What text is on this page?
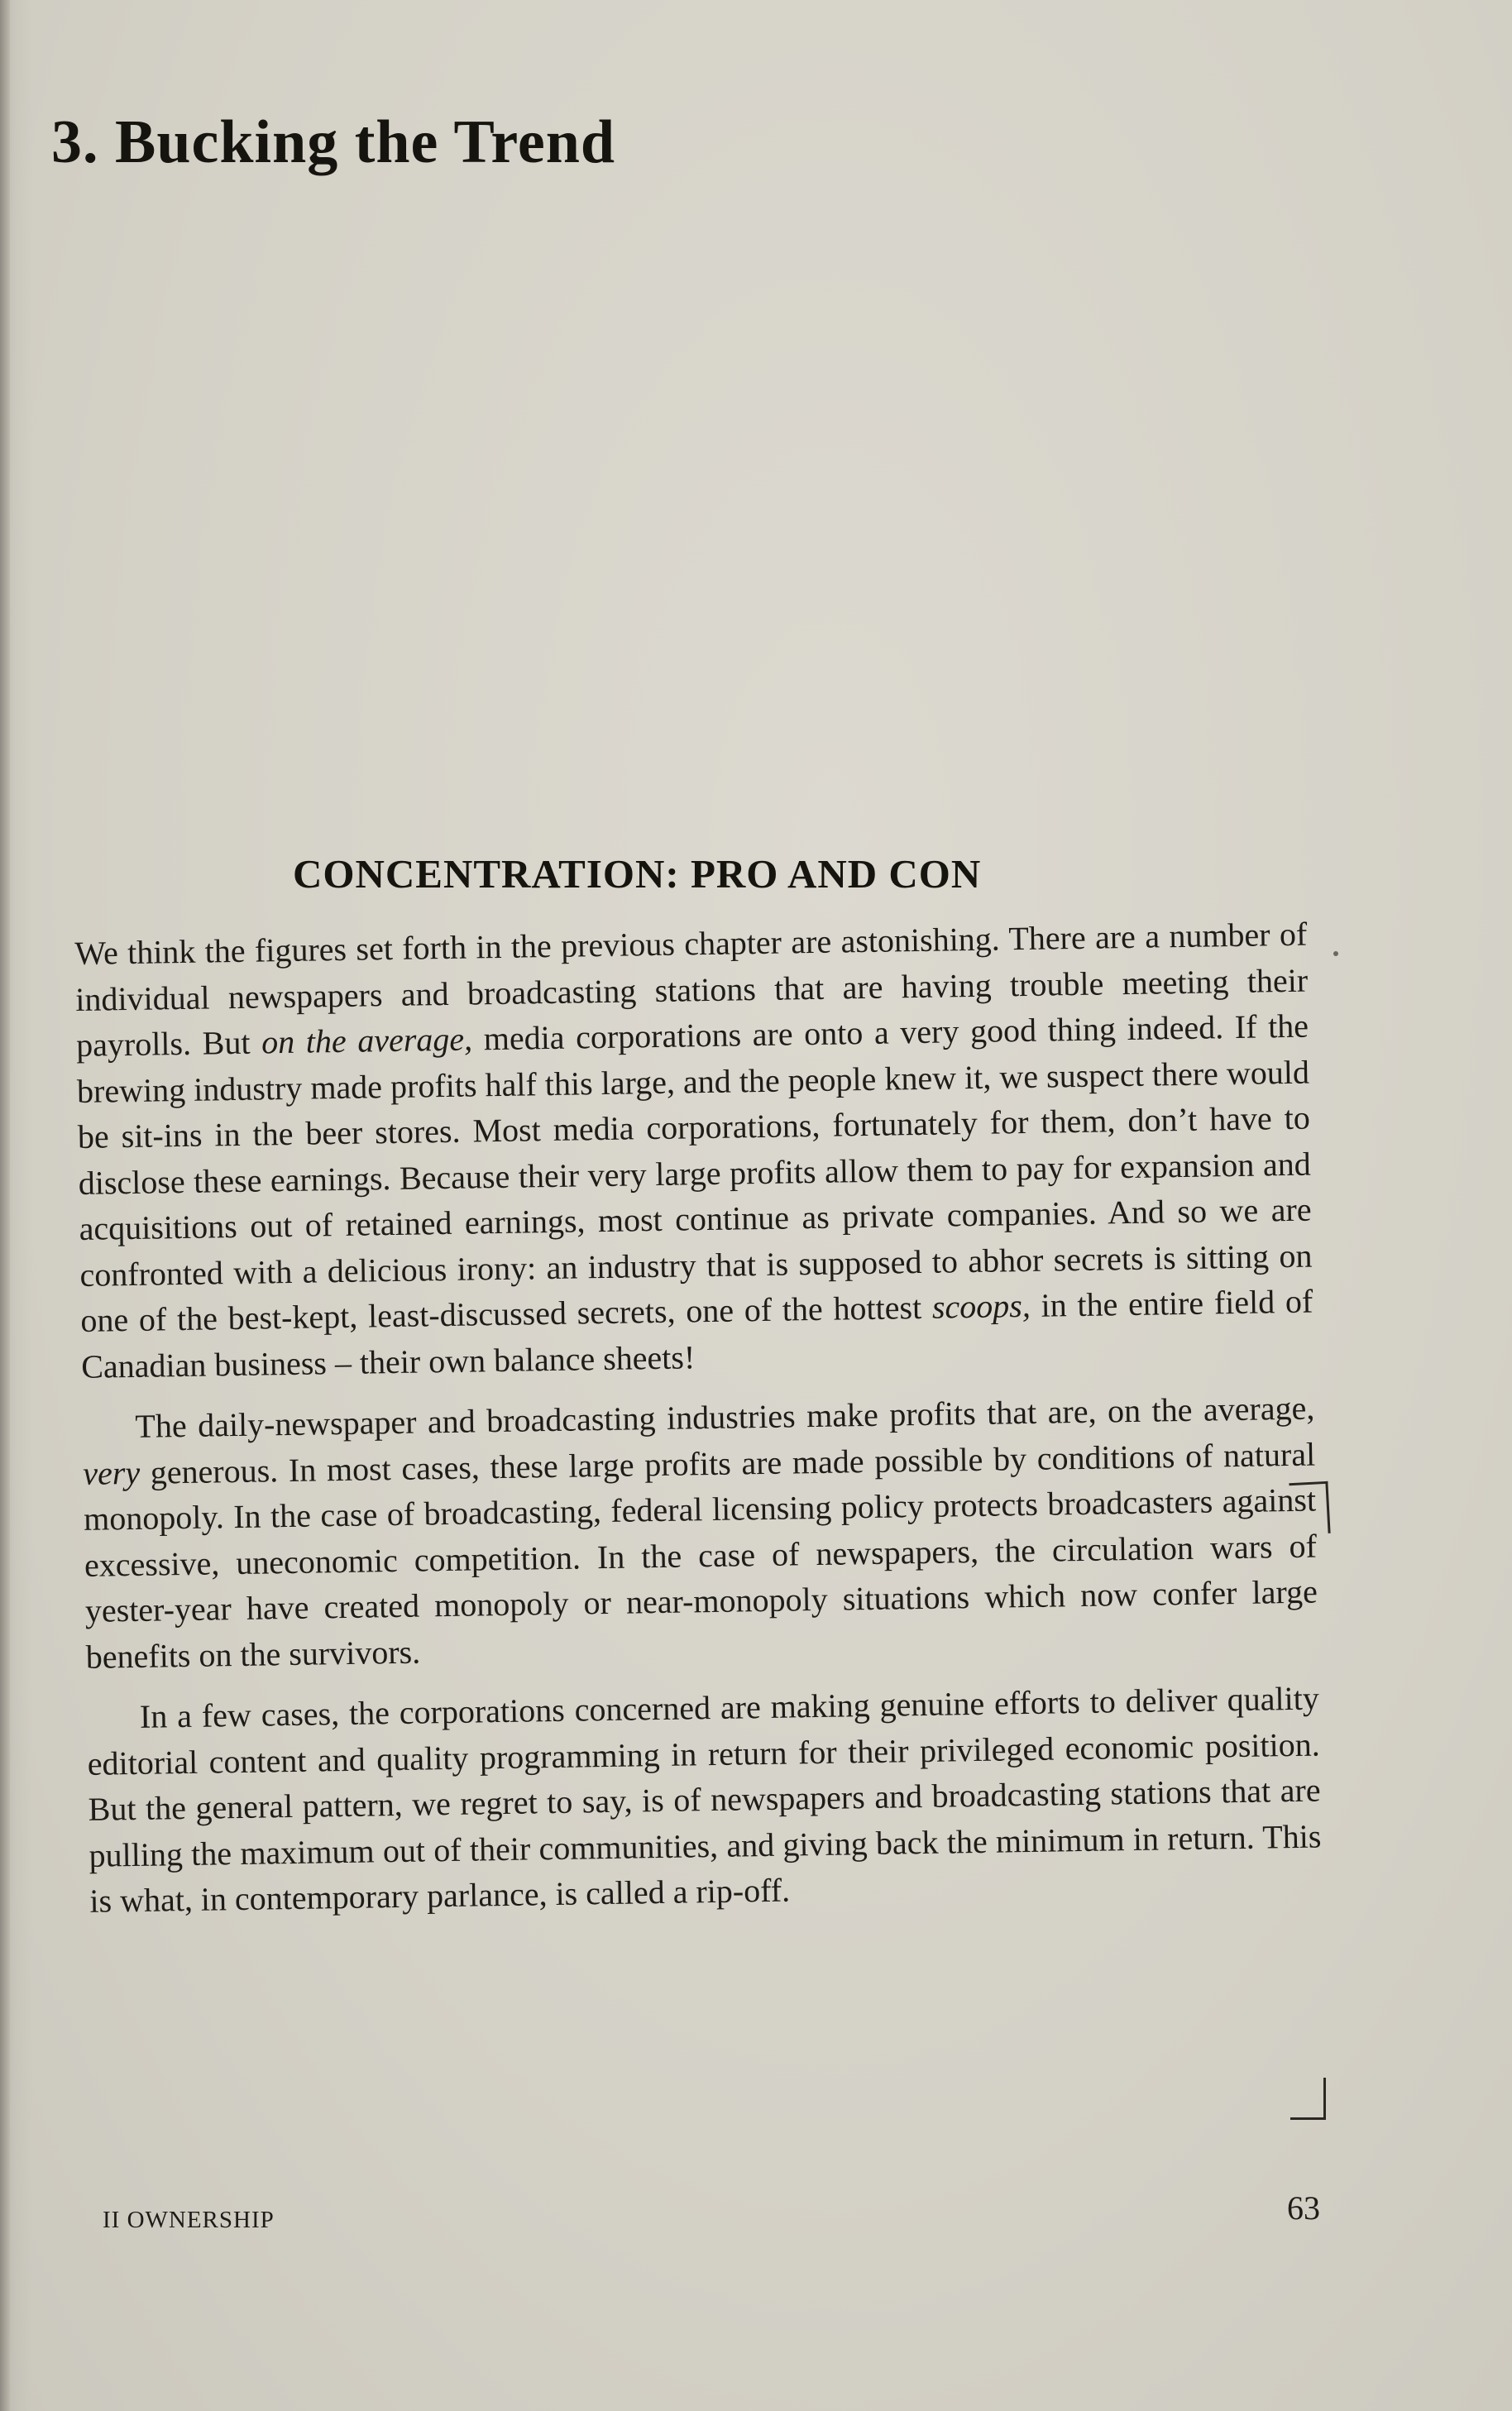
3. Bucking the Trend
CONCENTRATION: PRO AND CON

We think the figures set forth in the previous chapter are astonishing. There are a number of individual newspapers and broadcasting stations that are having trouble meeting their payrolls. But on the average, media corporations are onto a very good thing indeed. If the brewing industry made profits half this large, and the people knew it, we suspect there would be sit-ins in the beer stores. Most media corporations, fortunately for them, don’t have to disclose these earnings. Because their very large profits allow them to pay for expansion and acquisitions out of retained earnings, most continue as private companies. And so we are confronted with a delicious irony: an industry that is supposed to abhor secrets is sitting on one of the best-kept, least-discussed secrets, one of the hottest scoops, in the entire field of Canadian business – their own balance sheets!

The daily-newspaper and broadcasting industries make profits that are, on the average, very generous. In most cases, these large profits are made possible by conditions of natural monopoly. In the case of broadcasting, federal licensing policy protects broadcasters against excessive, uneconomic competition. In the case of newspapers, the circulation wars of yester-year have created monopoly or near-monopoly situations which now confer large benefits on the survivors.

In a few cases, the corporations concerned are making genuine efforts to deliver quality editorial content and quality programming in return for their privileged economic position. But the general pattern, we regret to say, is of newspapers and broadcasting stations that are pulling the maximum out of their communities, and giving back the minimum in return. This is what, in contemporary parlance, is called a rip-off.

II OWNERSHIP	63
